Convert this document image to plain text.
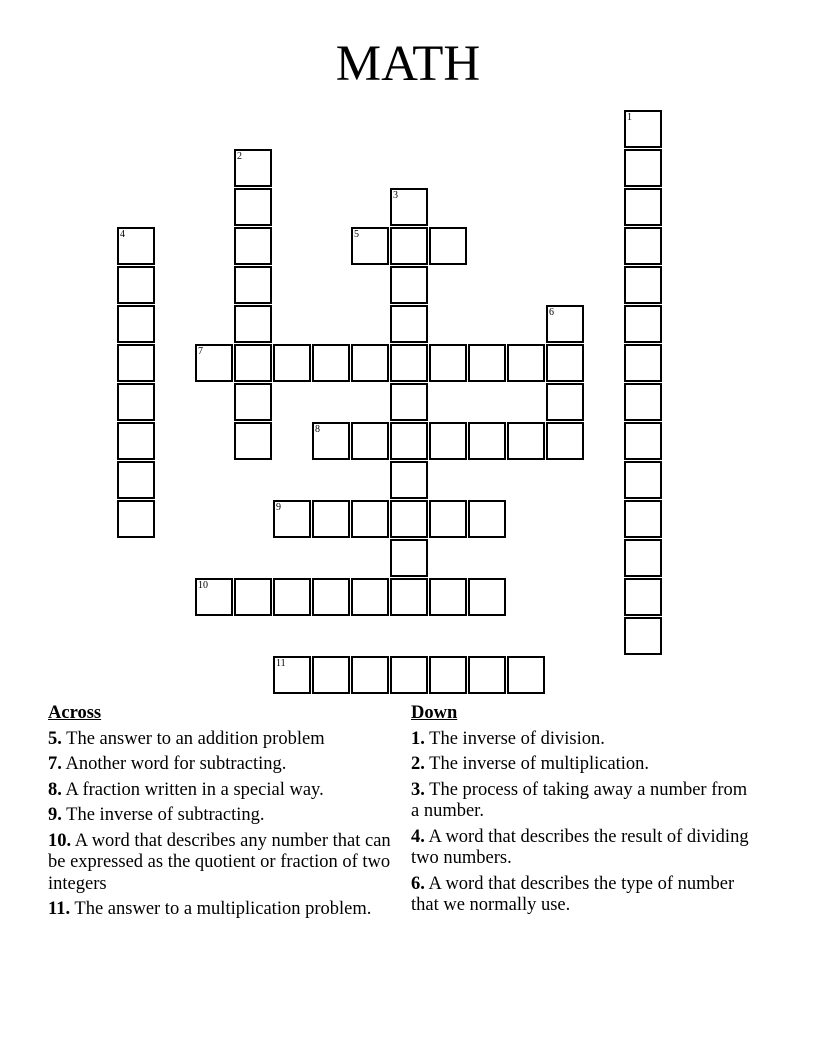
MATH
1
2
3
4	5
6
7
8
9
10
11
Across
5. The answer to an addition problem
7. Another word for subtracting.
8. A fraction written in a special way.
9. The inverse of subtracting.
10. A word that describes any number that can be expressed as the quotient or fraction of two integers
11. The answer to a multiplication problem.
Down
1. The inverse of division.
2. The inverse of multiplication.
3. The process of taking away a number from a number.
4. A word that describes the result of dividing two numbers.
6. A word that describes the type of number that we normally use.
